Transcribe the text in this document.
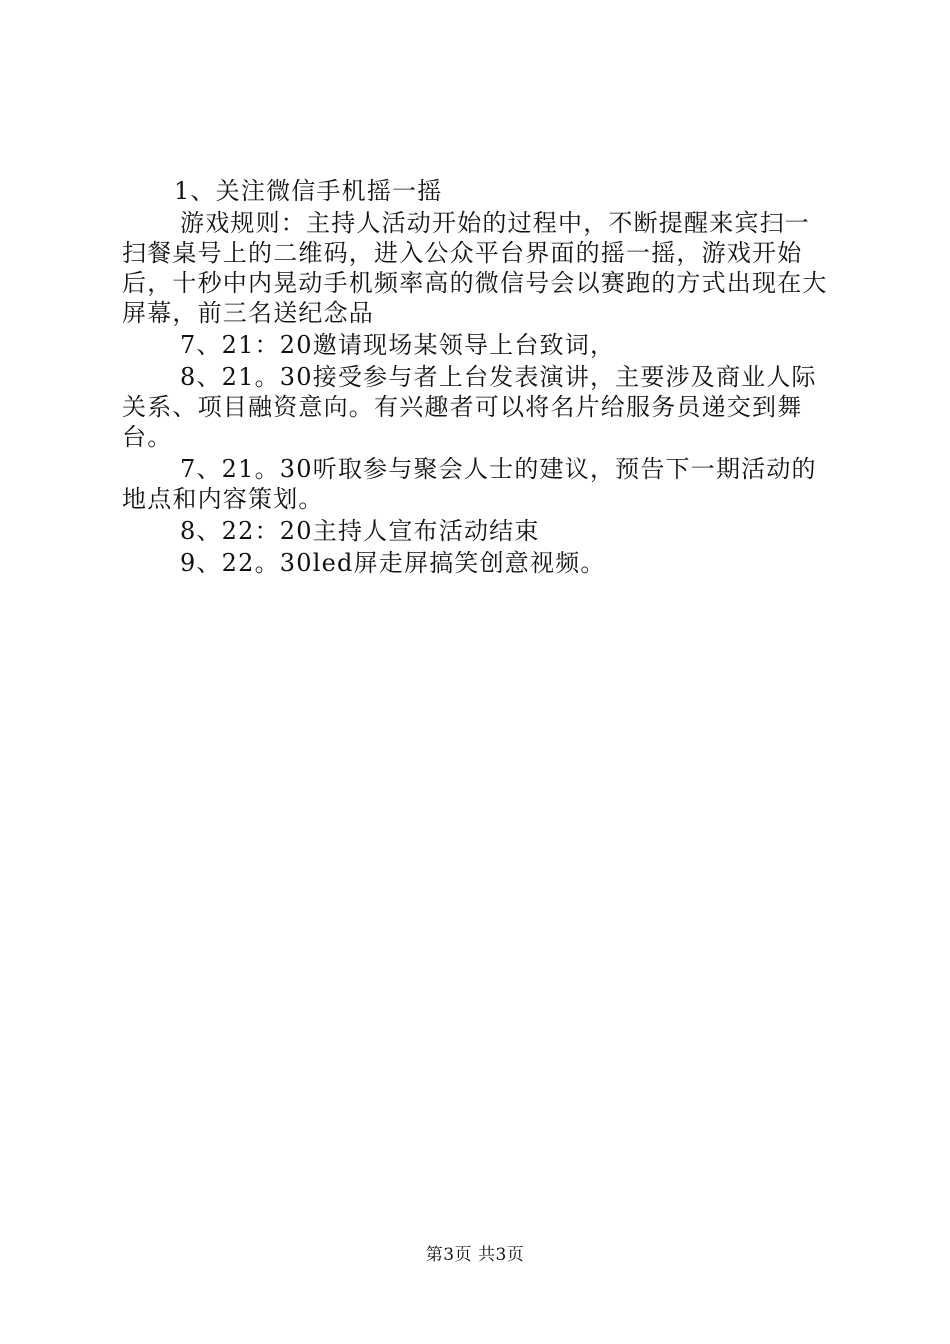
1、关注微信手机摇一摇

游戏规则：主持人活动开始的过程中，不断提醒来宾扫一扫餐桌号上的二维码，进入公众平台界面的摇一摇，游戏开始后，十秒中内晃动手机频率高的微信号会以赛跑的方式出现在大屏幕，前三名送纪念品

7、21：20邀请现场某领导上台致词，

8、21。30接受参与者上台发表演讲，主要涉及商业人际关系、项目融资意向。有兴趣者可以将名片给服务员递交到舞台。

7、21。30听取参与聚会人士的建议，预告下一期活动的地点和内容策划。

8、22：20主持人宣布活动结束

9、22。30led屏走屏搞笑创意视频。

第3页 共3页
